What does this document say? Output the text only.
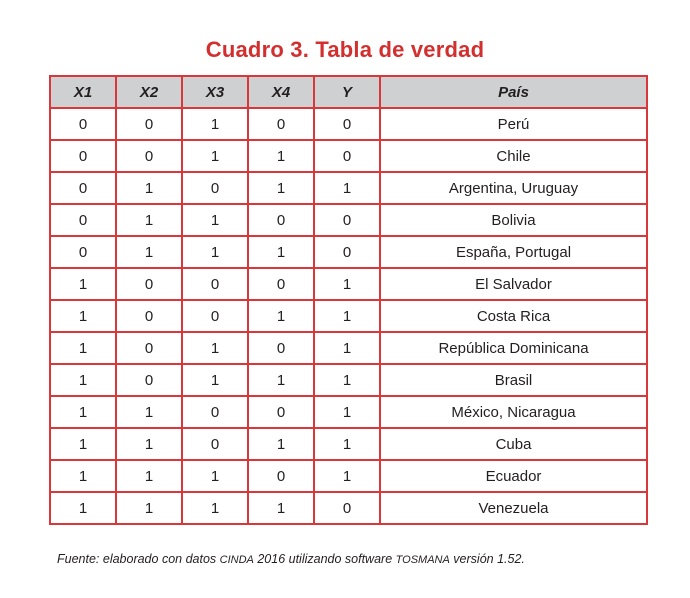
Cuadro 3. Tabla de verdad
X1	X2	X3	X4	Y	País
0	0	1	0	0	Perú
0	0	1	1	0	Chile
0	1	0	1	1	Argentina, Uruguay
0	1	1	0	0	Bolivia
0	1	1	1	0	España, Portugal
1	0	0	0	1	El Salvador
1	0	0	1	1	Costa Rica
1	0	1	0	1	República Dominicana
1	0	1	1	1	Brasil
1	1	0	0	1	México, Nicaragua
1	1	0	1	1	Cuba
1	1	1	0	1	Ecuador
1	1	1	1	0	Venezuela
Fuente: elaborado con datos CINDA 2016 utilizando software TOSMANA versión 1.52.
